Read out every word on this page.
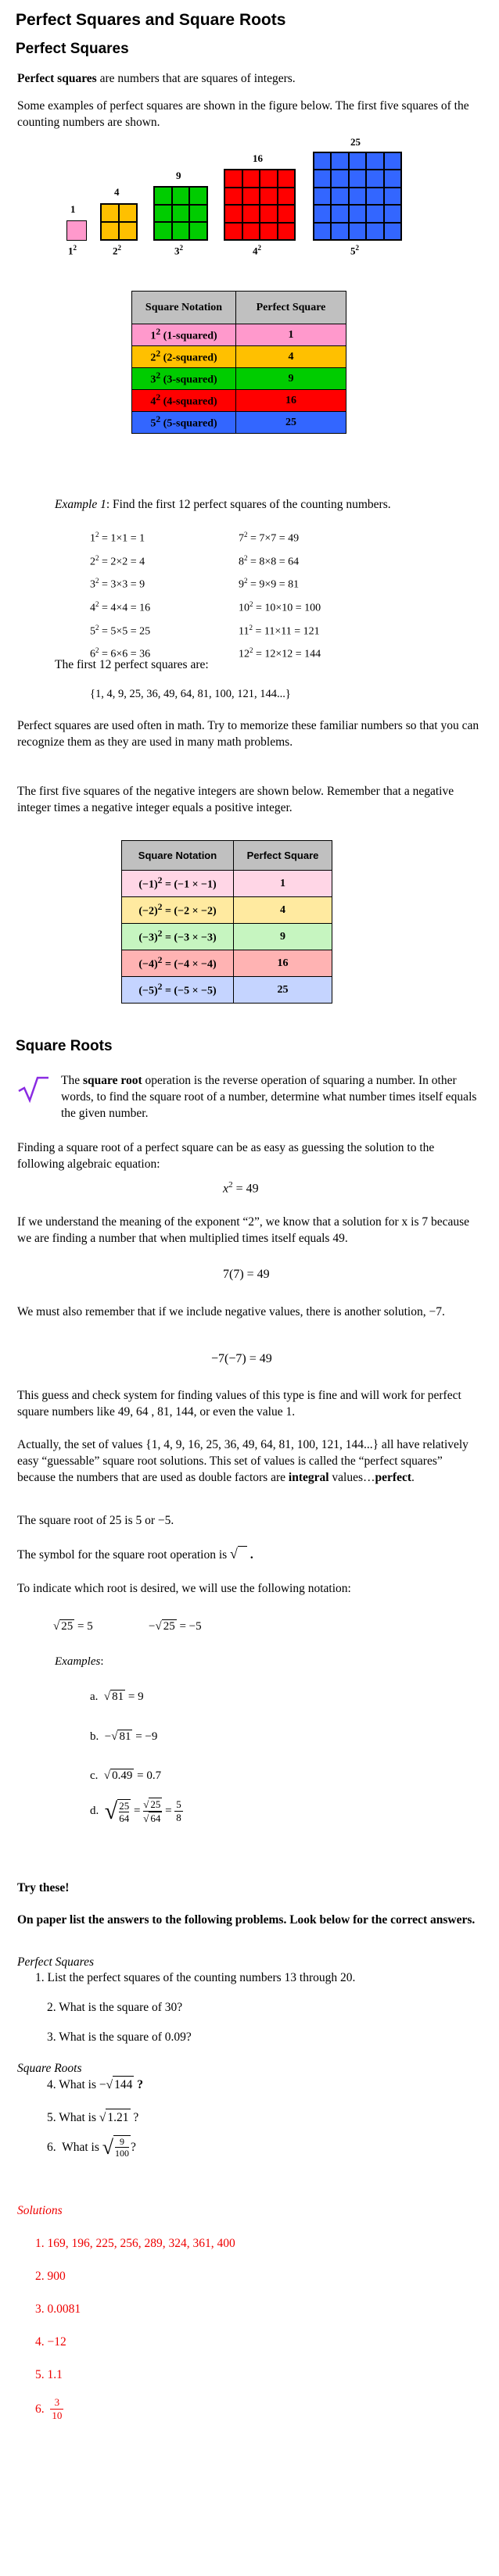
Perfect Squares and Square Roots
Perfect Squares
Perfect squares are numbers that are squares of integers.
Some examples of perfect squares are shown in the figure below. The first five squares of the counting numbers are shown.
1
$1^2$
4
$2^2$
9
$3^2$
16
$4^2$
25
$5^2$
Square Notation	Perfect Square
$1^2$ (1-squared)	1
$2^2$ (2-squared)	4
$3^2$ (3-squared)	9
$4^2$ (4-squared)	16
$5^2$ (5-squared)	25
Example 1: Find the first 12 perfect squares of the counting numbers.
$1^2 = 1\times 1 = 1$
$2^2 = 2\times 2 = 4$
$3^2 = 3\times 3 = 9$
$4^2 = 4\times 4 = 16$
$5^2 = 5\times 5 = 25$
$6^2 = 6\times 6 = 36$
$7^2 = 7\times 7 = 49$
$8^2 = 8\times 8 = 64$
$9^2 = 9\times 9 = 81$
$10^2 = 10\times 10 = 100$
$11^2 = 11\times 11 = 121$
$12^2 = 12\times 12 = 144$
The first 12 perfect squares are:
{1, 4, 9, 25, 36, 49, 64, 81, 100, 121, 144...}
Perfect squares are used often in math. Try to memorize these familiar numbers so that you can recognize them as they are used in many math problems.
The first five squares of the negative integers are shown below. Remember that a negative integer times a negative integer equals a positive integer.
Square Notation	Perfect Square
$(-1)^2 = (-1 \times -1)$	1
$(-2)^2 = (-2 \times -2)$	4
$(-3)^2 = (-3 \times -3)$	9
$(-4)^2 = (-4 \times -4)$	16
$(-5)^2 = (-5 \times -5)$	25
Square Roots
The square root operation is the reverse operation of squaring a number. In other words, to find the square root of a number, determine what number times itself equals the given number.
Finding a square root of a perfect square can be as easy as guessing the solution to the following algebraic equation:
$x^2 = 49$
If we understand the meaning of the exponent “2”, we know that a solution for x is 7 because we are finding a number that when multiplied times itself equals 49.
7(7) = 49
We must also remember that if we include negative values, there is another solution, −7.
−7(−7) = 49
This guess and check system for finding values of this type is fine and will work for perfect square numbers like 49, 64 , 81, 144, or even the value 1.
Actually, the set of values {1, 4, 9, 16, 25, 36, 49, 64, 81, 100, 121, 144...} all have relatively easy “guessable” square root solutions. This set of values is called the “perfect squares” because the numbers that are used as double factors are integral values…perfect.
The square root of 25 is 5 or −5.
The symbol for the square root operation is √ .
To indicate which root is desired, we will use the following notation:
√ 25 = 5	−√ 25 = −5
Examples:
a.  √ 81 = 9
b.  −√ 81 = −9
c.  √ 0.49 = 0.7
d.
√ 25
64
=
√ 25
√ 64
=
5
8
Try these!
On paper list the answers to the following problems. Look below for the correct answers.
Perfect Squares
1. List the perfect squares of the counting numbers 13 through 20.
2. What is the square of 30?
3. What is the square of 0.09?
Square Roots
4. What is −√ 144 ?
5. What is √ 1.21 ?
6.  What is √ 9
100 ?
Solutions
1. 169, 196, 225, 256, 289, 324, 361, 400
2. 900
3. 0.0081
4. −12
5. 1.1
6.

3
10
